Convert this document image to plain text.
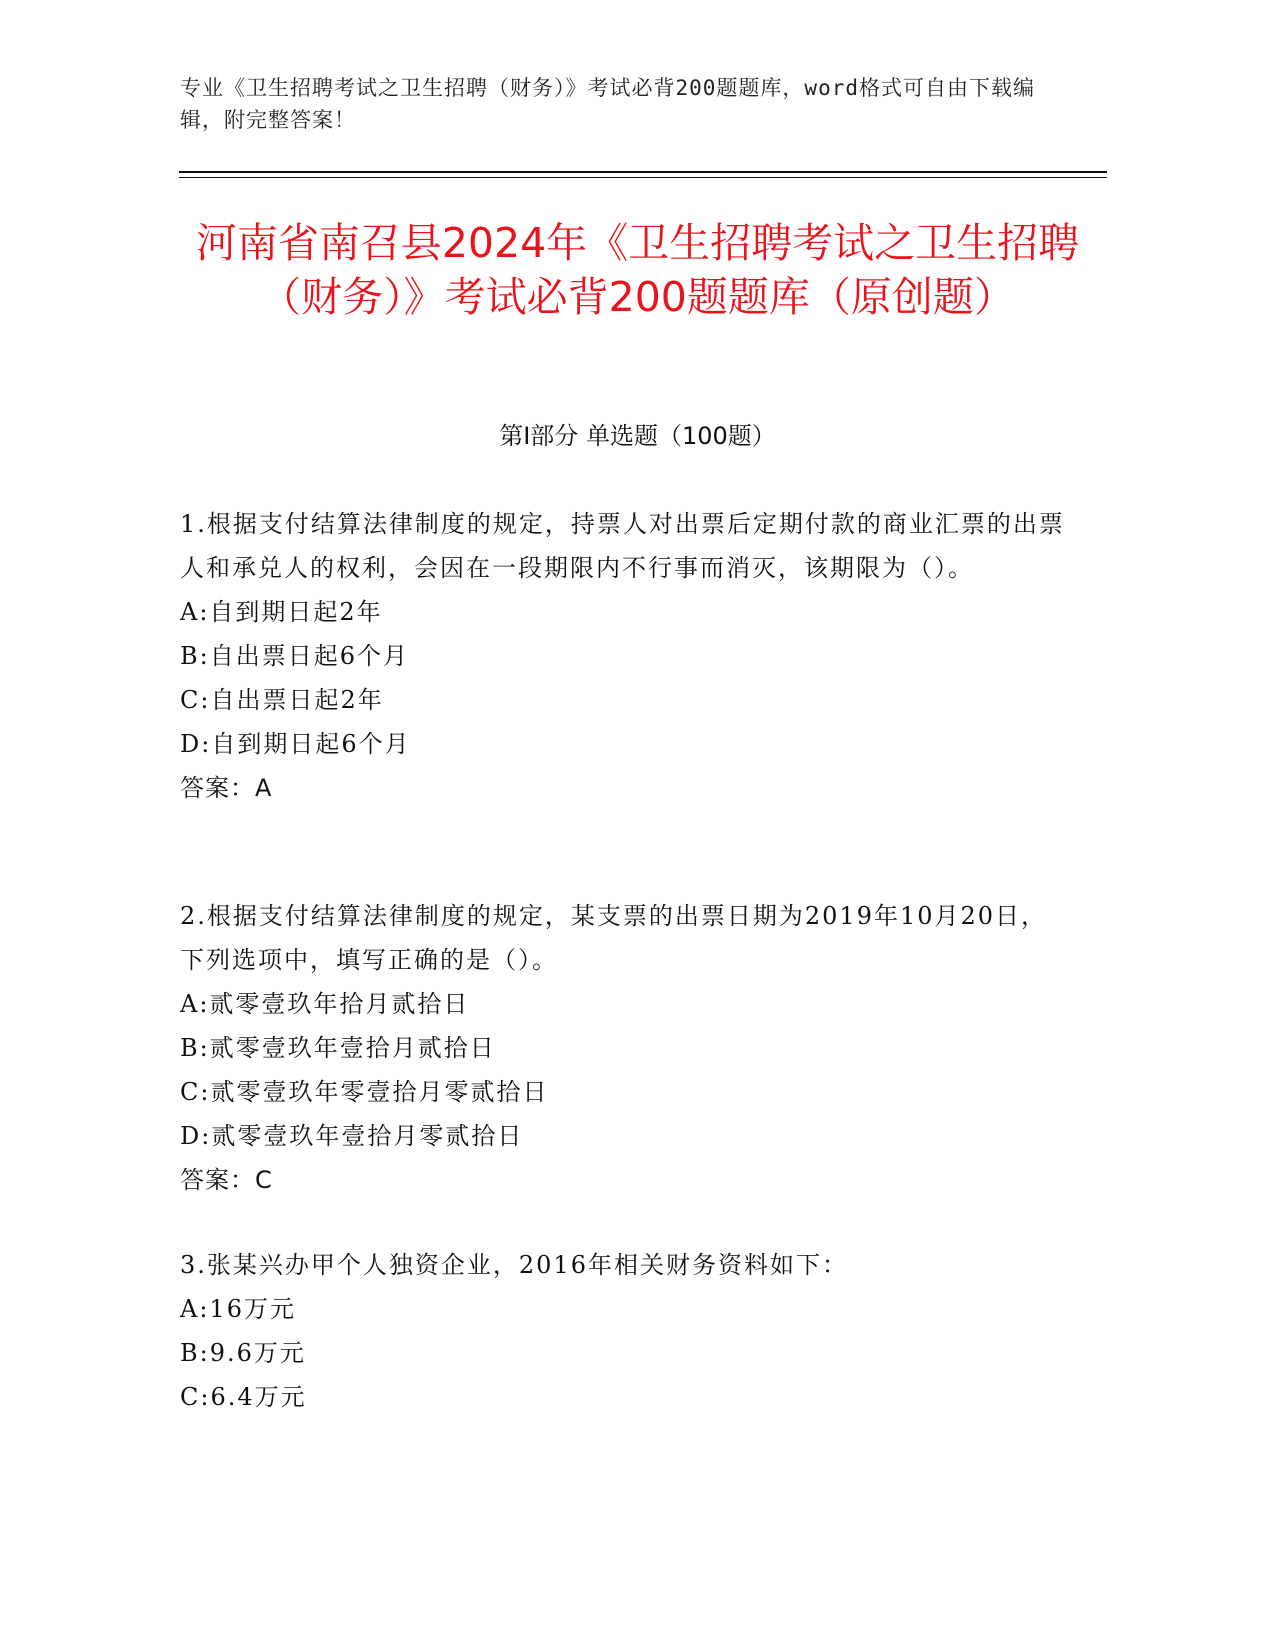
专业《卫生招聘考试之卫生招聘（财务）》考试必背200题题库，word格式可自由下载编辑，附完整答案！
河南省南召县2024年《卫生招聘考试之卫生招聘（财务）》考试必背200题题库（原创题）
第Ⅰ部分 单选题（100题）

1.根据支付结算法律制度的规定，持票人对出票后定期付款的商业汇票的出票人和承兑人的权利，会因在一段期限内不行事而消灭，该期限为（）。

A:自到期日起2年

B:自出票日起6个月

C:自出票日起2年

D:自到期日起6个月

答案：A

2.根据支付结算法律制度的规定，某支票的出票日期为2019年10月20日，下列选项中，填写正确的是（）。

A:贰零壹玖年拾月贰拾日

B:贰零壹玖年壹拾月贰拾日

C:贰零壹玖年零壹拾月零贰拾日

D:贰零壹玖年壹拾月零贰拾日

答案：C

3.张某兴办甲个人独资企业，2016年相关财务资料如下：

A:16万元

B:9.6万元

C:6.4万元
